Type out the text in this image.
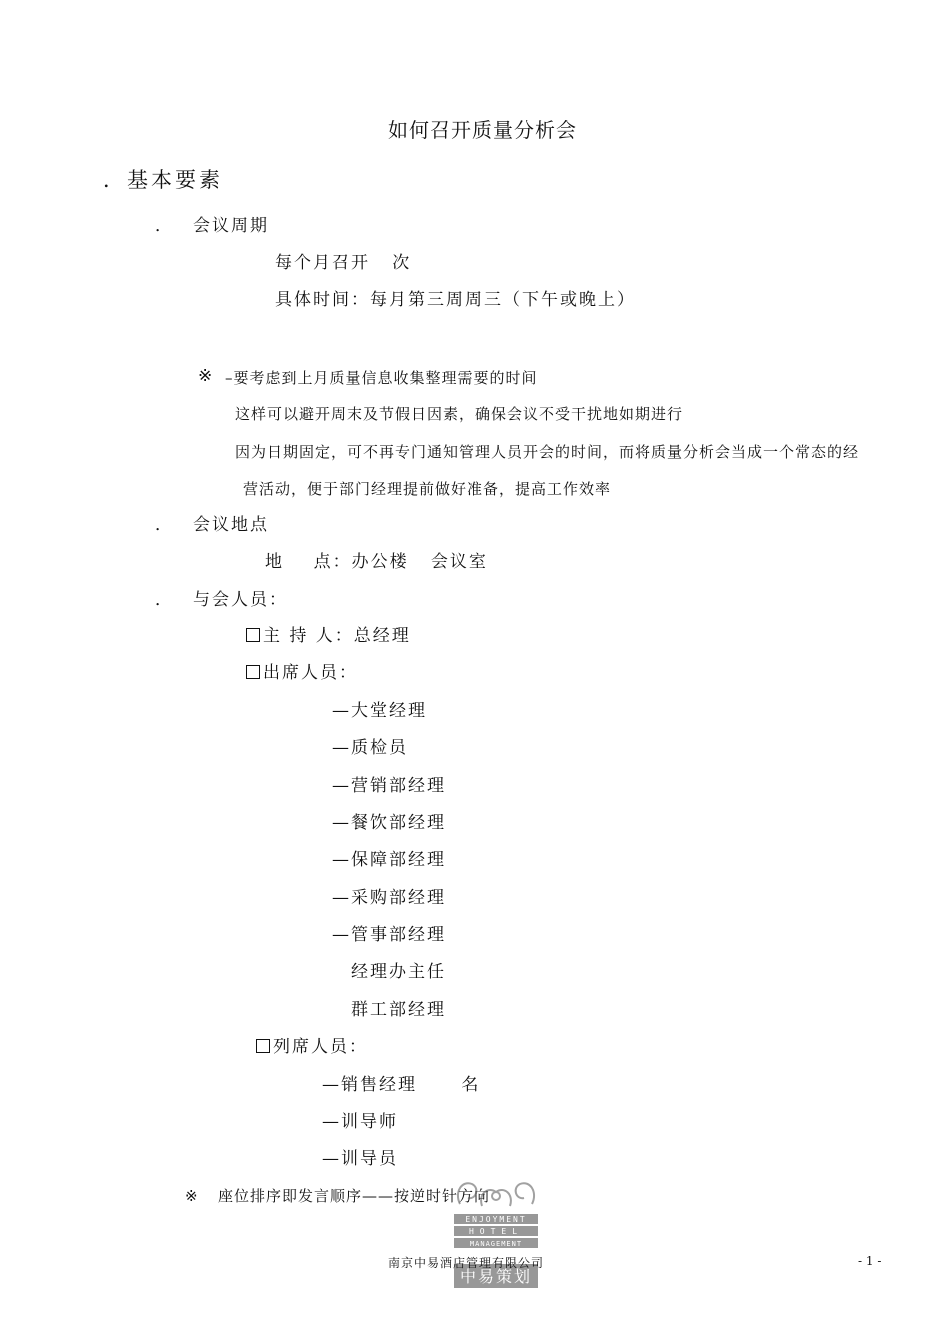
如何召开质量分析会
．基本要素
． 会议周期
每个月召开   次
具体时间：每月第三周周三（下午或晚上）
※ –要考虑到上月质量信息收集整理需要的时间
这样可以避开周末及节假日因素，确保会议不受干扰地如期进行
因为日期固定，可不再专门通知管理人员开会的时间，而将质量分析会当成一个常态的经
营活动，便于部门经理提前做好准备，提高工作效率
． 会议地点
地    点：办公楼   会议室
． 与会人员：
主 持 人：总经理
出席人员：
—大堂经理
—质检员
—营销部经理
—餐饮部经理
—保障部经理
—采购部经理
—管事部经理
经理办主任
群工部经理
列席人员：
—销售经理      名
—训导师
—训导员
※ 座位排序即发言顺序——按逆时针方向
ENJOYMENT
HOTEL
MANAGEMENT
中易策划
南京中易酒店管理有限公司	- 1 -
